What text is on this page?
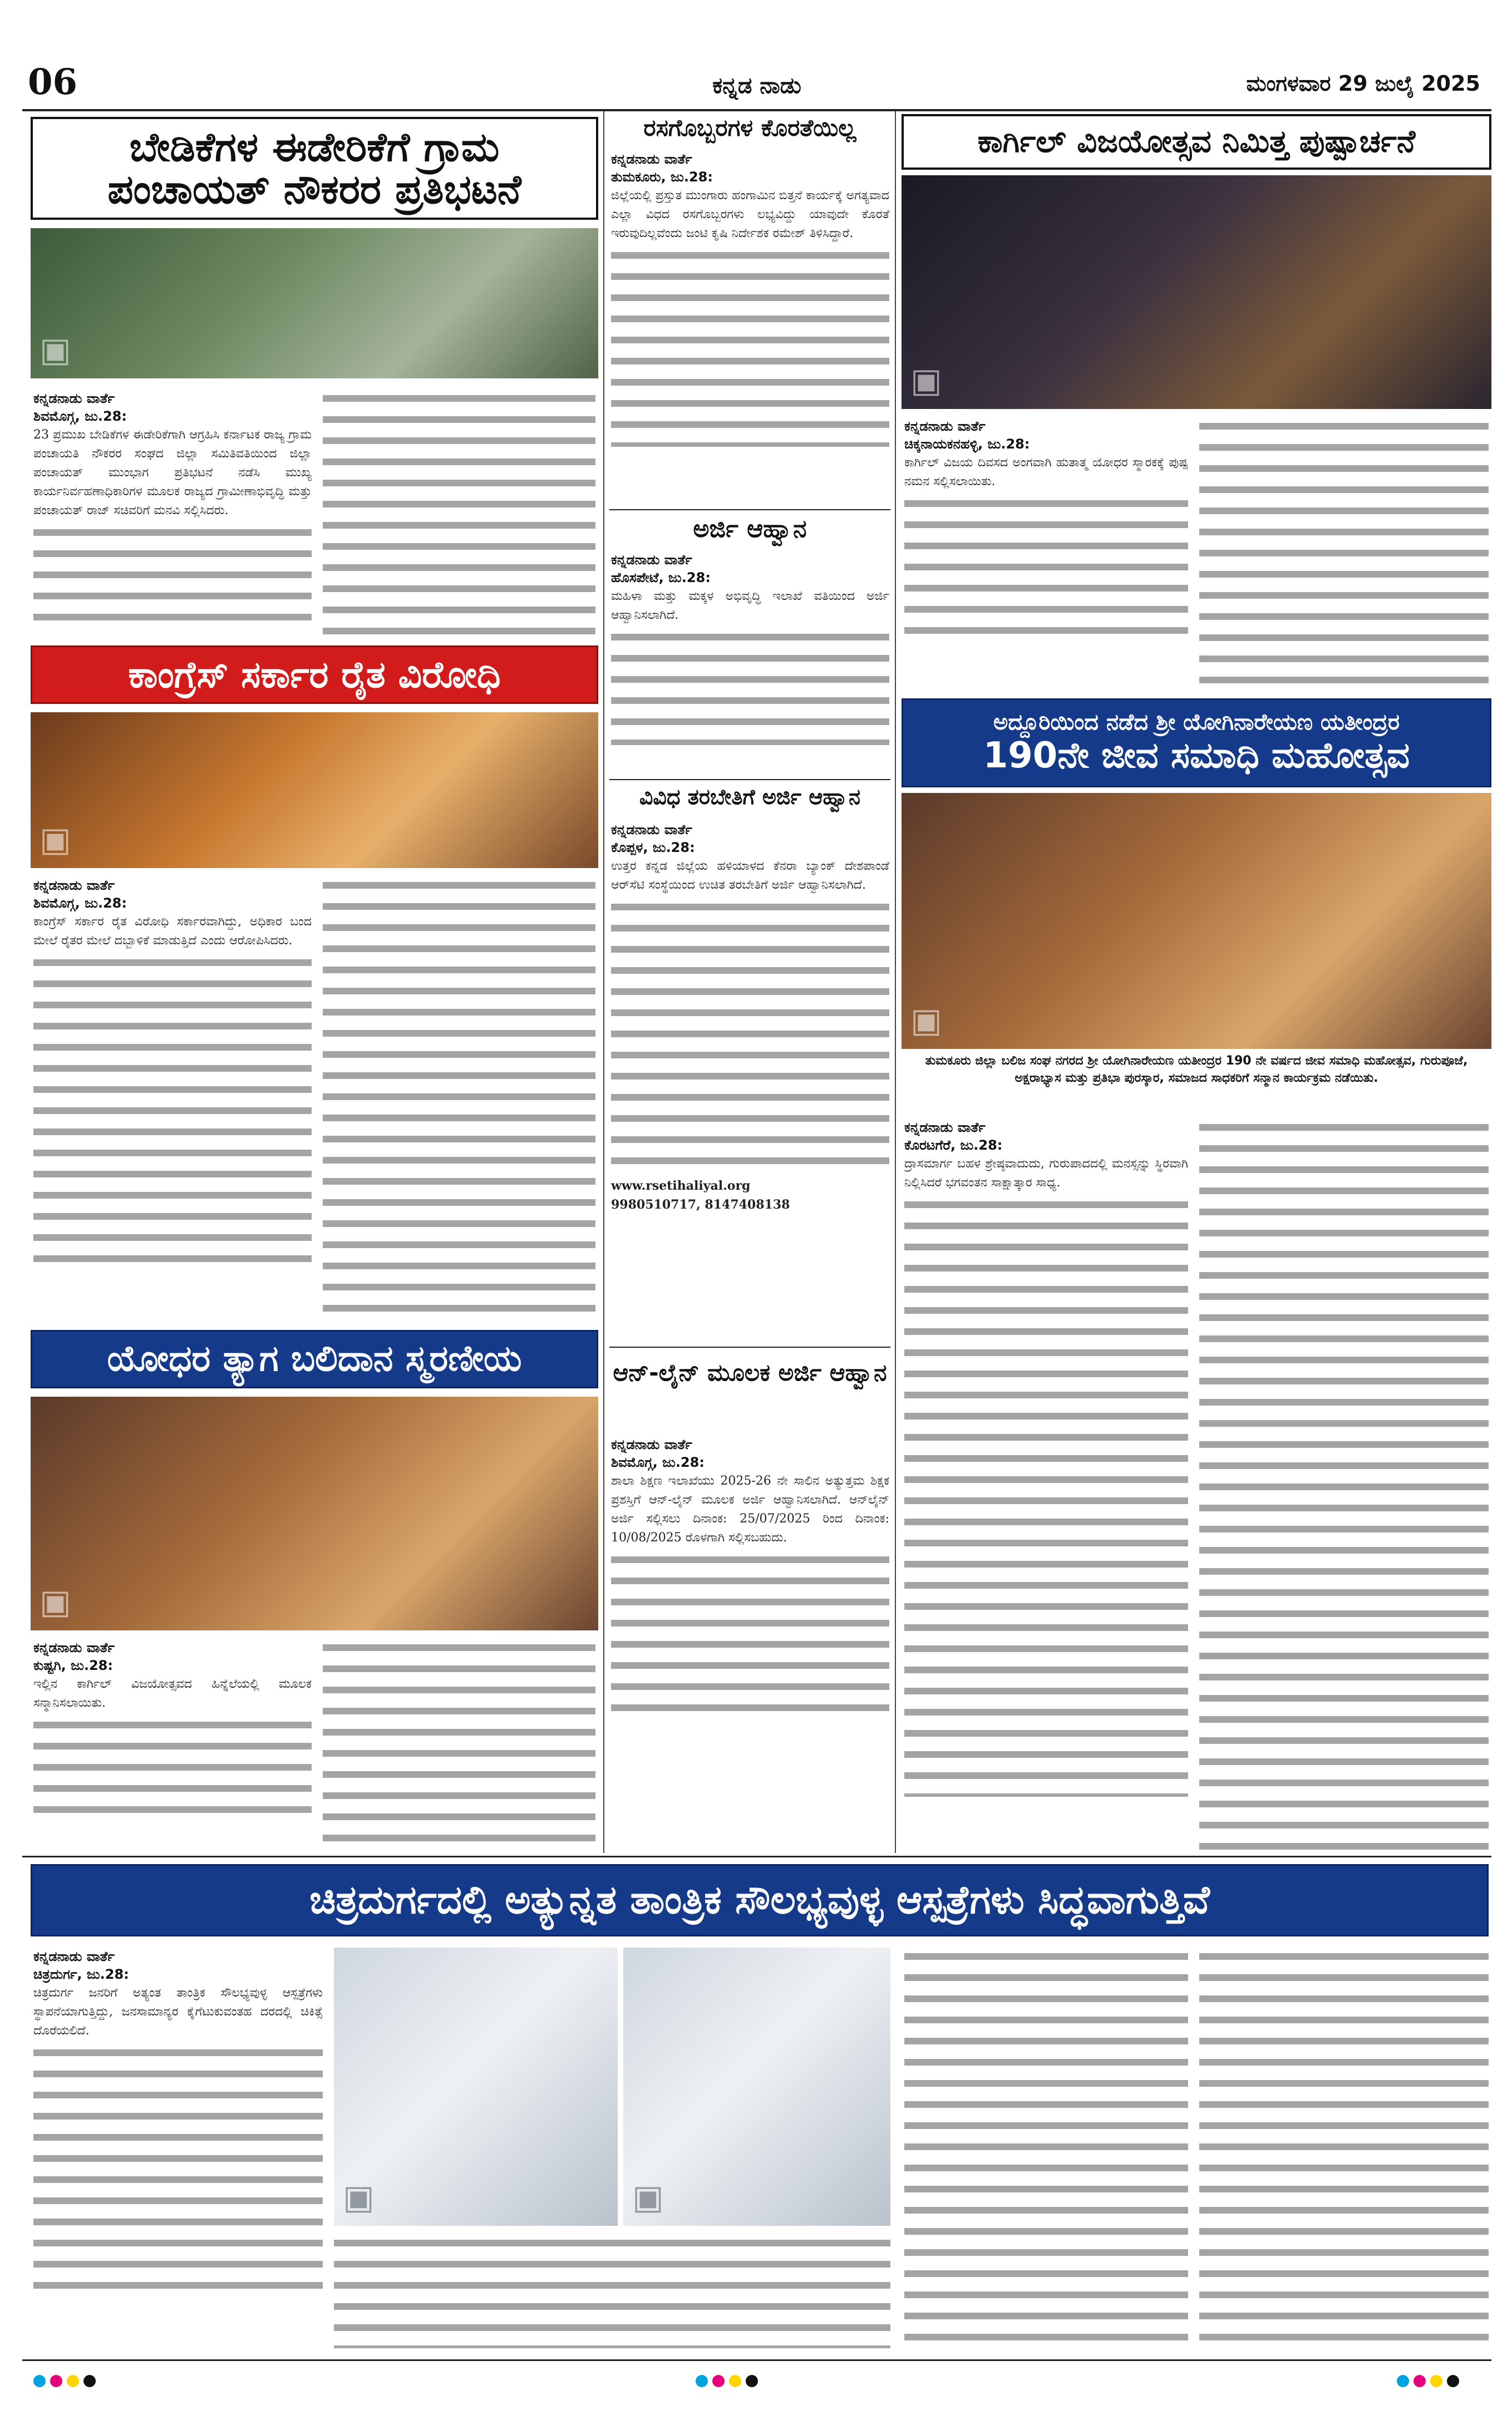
06	ಕನ್ನಡ ನಾಡು	ಮಂಗಳವಾರ 29 ಜುಲೈ 2025
ಬೇಡಿಕೆಗಳ ಈಡೇರಿಕೆಗೆ ಗ್ರಾಮ
ಪಂಚಾಯತ್ ನೌಕರರ ಪ್ರತಿಭಟನೆ
▣
ಕನ್ನಡನಾಡು ವಾರ್ತೆ
ಶಿವಮೊಗ್ಗ, ಜು.28:
23 ಪ್ರಮುಖ ಬೇಡಿಕೆಗಳ ಈಡೇರಿಕೆಗಾಗಿ ಆಗ್ರಹಿಸಿ ಕರ್ನಾಟಕ ರಾಜ್ಯ ಗ್ರಾಮ ಪಂಚಾಯತಿ ನೌಕರರ ಸಂಘದ ಜಿಲ್ಲಾ ಸಮಿತಿವತಿಯಿಂದ ಜಿಲ್ಲಾ ಪಂಚಾಯತ್ ಮುಂಭಾಗ ಪ್ರತಿಭಟನೆ ನಡೆಸಿ ಮುಖ್ಯ ಕಾರ್ಯನಿರ್ವಹಣಾಧಿಕಾರಿಗಳ ಮೂಲಕ ರಾಜ್ಯದ ಗ್ರಾಮೀಣಾಭಿವೃದ್ಧಿ ಮತ್ತು ಪಂಚಾಯತ್ ರಾಜ್ ಸಚಿವರಿಗೆ ಮನವಿ ಸಲ್ಲಿಸಿದರು.
ಕಾಂಗ್ರೆಸ್ ಸರ್ಕಾರ ರೈತ ವಿರೋಧಿ
▣
ಕನ್ನಡನಾಡು ವಾರ್ತೆ
ಶಿವಮೊಗ್ಗ, ಜು.28:
ಕಾಂಗ್ರೆಸ್ ಸರ್ಕಾರ ರೈತ ವಿರೋಧಿ ಸರ್ಕಾರವಾಗಿದ್ದು, ಅಧಿಕಾರ ಬಂದ ಮೇಲೆ ರೈತರ ಮೇಲೆ ದಬ್ಬಾಳಿಕೆ ಮಾಡುತ್ತಿದೆ ಎಂದು ಆರೋಪಿಸಿದರು.
ಯೋಧರ ತ್ಯಾಗ ಬಲಿದಾನ ಸ್ಮರಣೀಯ
▣
ಕನ್ನಡನಾಡು ವಾರ್ತೆ
ಕುಷ್ಟಗಿ, ಜು.28:
ಇಲ್ಲಿನ ಕಾರ್ಗಿಲ್ ವಿಜಯೋತ್ಸವದ ಹಿನ್ನೆಲೆಯಲ್ಲಿ ಮೂಲಕ ಸನ್ಮಾನಿಸಲಾಯಿತು.
ರಸಗೊಬ್ಬರಗಳ ಕೊರತೆಯಿಲ್ಲ
ಕನ್ನಡನಾಡು ವಾರ್ತೆ
ತುಮಕೂರು, ಜು.28:
ಜಿಲ್ಲೆಯಲ್ಲಿ ಪ್ರಸ್ತುತ ಮುಂಗಾರು ಹಂಗಾಮಿನ ಬಿತ್ತನೆ ಕಾರ್ಯಕ್ಕೆ ಅಗತ್ಯವಾದ ಎಲ್ಲಾ ವಿಧದ ರಸಗೊಬ್ಬರಗಳು ಲಭ್ಯವಿದ್ದು ಯಾವುದೇ ಕೊರತೆ ಇರುವುದಿಲ್ಲವೆಂದು ಜಂಟಿ ಕೃಷಿ ನಿರ್ದೇಶಕ ರಮೇಶ್ ತಿಳಿಸಿದ್ದಾರೆ.
ಅರ್ಜಿ ಆಹ್ವಾನ
ಕನ್ನಡನಾಡು ವಾರ್ತೆ
ಹೊಸಪೇಟೆ, ಜು.28:
ಮಹಿಳಾ ಮತ್ತು ಮಕ್ಕಳ ಅಭಿವೃದ್ಧಿ ಇಲಾಖೆ ವತಿಯಿಂದ ಅರ್ಜಿ ಆಹ್ವಾನಿಸಲಾಗಿದೆ.
ವಿವಿಧ ತರಬೇತಿಗೆ ಅರ್ಜಿ ಆಹ್ವಾನ
ಕನ್ನಡನಾಡು ವಾರ್ತೆ
ಕೊಪ್ಪಳ, ಜು.28:
ಉತ್ತರ ಕನ್ನಡ ಜಿಲ್ಲೆಯ ಹಳಿಯಾಳದ ಕೆನರಾ ಬ್ಯಾಂಕ್ ದೇಶಪಾಂಡೆ ಆರ್‌ಸೆಟಿ ಸಂಸ್ಥೆಯಿಂದ ಉಚಿತ ತರಬೇತಿಗೆ ಅರ್ಜಿ ಆಹ್ವಾನಿಸಲಾಗಿದೆ.
www.rsetihaliyal.org
9980510717, 8147408138
ಆನ್-ಲೈನ್ ಮೂಲಕ ಅರ್ಜಿ ಆಹ್ವಾನ
ಕನ್ನಡನಾಡು ವಾರ್ತೆ
ಶಿವಮೊಗ್ಗ, ಜು.28:
ಶಾಲಾ ಶಿಕ್ಷಣ ಇಲಾಖೆಯು 2025-26 ನೇ ಸಾಲಿನ ಅತ್ಯುತ್ತಮ ಶಿಕ್ಷಕ ಪ್ರಶಸ್ತಿಗೆ ಆನ್-ಲೈನ್ ಮೂಲಕ ಅರ್ಜಿ ಆಹ್ವಾನಿಸಲಾಗಿದೆ. ಆನ್‌ಲೈನ್ ಅರ್ಜಿ ಸಲ್ಲಿಸಲು ದಿನಾಂಕ: 25/07/2025 ರಿಂದ ದಿನಾಂಕ: 10/08/2025 ರೊಳಗಾಗಿ ಸಲ್ಲಿಸಬಹುದು.
ಕಾರ್ಗಿಲ್ ವಿಜಯೋತ್ಸವ ನಿಮಿತ್ತ ಪುಷ್ಪಾರ್ಚನೆ
▣
ಕನ್ನಡನಾಡು ವಾರ್ತೆ
ಚಿಕ್ಕನಾಯಕನಹಳ್ಳಿ, ಜು.28:
ಕಾರ್ಗಿಲ್ ವಿಜಯ ದಿವಸದ ಅಂಗವಾಗಿ ಹುತಾತ್ಮ ಯೋಧರ ಸ್ಮಾರಕಕ್ಕೆ ಪುಷ್ಪ ನಮನ ಸಲ್ಲಿಸಲಾಯಿತು.
ಅದ್ದೂರಿಯಿಂದ ನಡೆದ ಶ್ರೀ ಯೋಗಿನಾರೇಯಣ ಯತೀಂದ್ರರ
190ನೇ ಜೀವ ಸಮಾಧಿ ಮಹೋತ್ಸವ
▣
ತುಮಕೂರು ಜಿಲ್ಲಾ ಬಲಿಜ ಸಂಘ ನಗರದ ಶ್ರೀ ಯೋಗಿನಾರೇಯಣ ಯತೀಂದ್ರರ 190 ನೇ ವರ್ಷದ ಜೀವ ಸಮಾಧಿ ಮಹೋತ್ಸವ, ಗುರುಪೂಜೆ, ಅಕ್ಷರಾಭ್ಯಾಸ ಮತ್ತು ಪ್ರತಿಭಾ ಪುರಸ್ಕಾರ, ಸಮಾಜದ ಸಾಧಕರಿಗೆ ಸನ್ಮಾನ ಕಾರ್ಯಕ್ರಮ ನಡೆಯಿತು.
ಕನ್ನಡನಾಡು ವಾರ್ತೆ
ಕೊರಟಗೆರೆ, ಜು.28:
ದ್ರಾಸಮಾರ್ಗ ಬಹಳ ಶ್ರೇಷ್ಠವಾದುದು, ಗುರುಪಾದದಲ್ಲಿ ಮನಸ್ಸನ್ನು ಸ್ಥಿರವಾಗಿ ನಿಲ್ಲಿಸಿದರೆ ಭಗವಂತನ ಸಾಕ್ಷಾತ್ಕಾರ ಸಾಧ್ಯ.
ಚಿತ್ರದುರ್ಗದಲ್ಲಿ ಅತ್ಯುನ್ನತ ತಾಂತ್ರಿಕ ಸೌಲಭ್ಯವುಳ್ಳ ಆಸ್ಪತ್ರೆಗಳು ಸಿದ್ಧವಾಗುತ್ತಿವೆ
ಕನ್ನಡನಾಡು ವಾರ್ತೆ
ಚಿತ್ರದುರ್ಗ, ಜು.28:
ಚಿತ್ರದುರ್ಗ ಜನರಿಗೆ ಅತ್ಯಂತ ತಾಂತ್ರಿಕ ಸೌಲಭ್ಯವುಳ್ಳ ಆಸ್ಪತ್ರೆಗಳು ಸ್ಥಾಪನೆಯಾಗುತ್ತಿದ್ದು, ಜನಸಾಮಾನ್ಯರ ಕೈಗೆಟುಕುವಂತಹ ದರದಲ್ಲಿ ಚಿಕಿತ್ಸೆ ದೊರೆಯಲಿದೆ.
▣	▣
